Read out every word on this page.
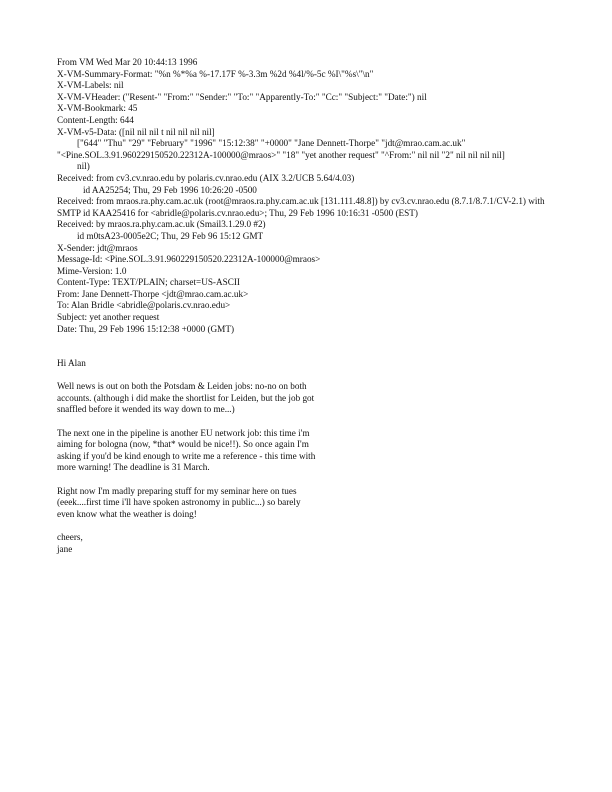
From VM Wed Mar 20 10:44:13 1996
X-VM-Summary-Format: "%n %*%a %-17.17F %-3.3m %2d %4l/%-5c %I\"%s\"\n"
X-VM-Labels: nil
X-VM-VHeader: ("Resent-" "From:" "Sender:" "To:" "Apparently-To:" "Cc:" "Subject:" "Date:") nil
X-VM-Bookmark: 45
Content-Length: 644
X-VM-v5-Data: ([nil nil nil t nil nil nil nil]
["644" "Thu" "29" "February" "1996" "15:12:38" "+0000" "Jane Dennett-Thorpe" "jdt@mrao.cam.ac.uk"
"<Pine.SOL.3.91.960229150520.22312A-100000@mraos>" "18" "yet another request" "^From:" nil nil "2" nil nil nil nil]
nil)
Received: from cv3.cv.nrao.edu by polaris.cv.nrao.edu (AIX 3.2/UCB 5.64/4.03)
id AA25254; Thu, 29 Feb 1996 10:26:20 -0500
Received: from mraos.ra.phy.cam.ac.uk (root@mraos.ra.phy.cam.ac.uk [131.111.48.8]) by cv3.cv.nrao.edu (8.7.1/8.7.1/CV-2.1) with SMTP id KAA25416 for <abridle@polaris.cv.nrao.edu>; Thu, 29 Feb 1996 10:16:31 -0500 (EST)
Received: by mraos.ra.phy.cam.ac.uk (Smail3.1.29.0 #2)
id m0tsA23-0005e2C; Thu, 29 Feb 96 15:12 GMT
X-Sender: jdt@mraos
Message-Id: <Pine.SOL.3.91.960229150520.22312A-100000@mraos>
Mime-Version: 1.0
Content-Type: TEXT/PLAIN; charset=US-ASCII
From: Jane Dennett-Thorpe <jdt@mrao.cam.ac.uk>
To: Alan Bridle <abridle@polaris.cv.nrao.edu>
Subject: yet another request
Date: Thu, 29 Feb 1996 15:12:38 +0000 (GMT)
Hi Alan
Well news is out on both the Potsdam & Leiden jobs: no-no on both
accounts. (although i did make the shortlist for Leiden, but the job got
snaffled before it wended its way down to me...)
The next one in the pipeline is another EU network job: this time i'm
aiming for bologna (now, *that* would be nice!!). So once again I'm
asking if you'd be kind enough to write me a reference - this time with
more warning! The deadline is 31 March.
Right now I'm madly preparing stuff for my seminar here on tues
(eeek....first time i'll have spoken astronomy in public...) so barely
even know what the weather is doing!
cheers,
jane
